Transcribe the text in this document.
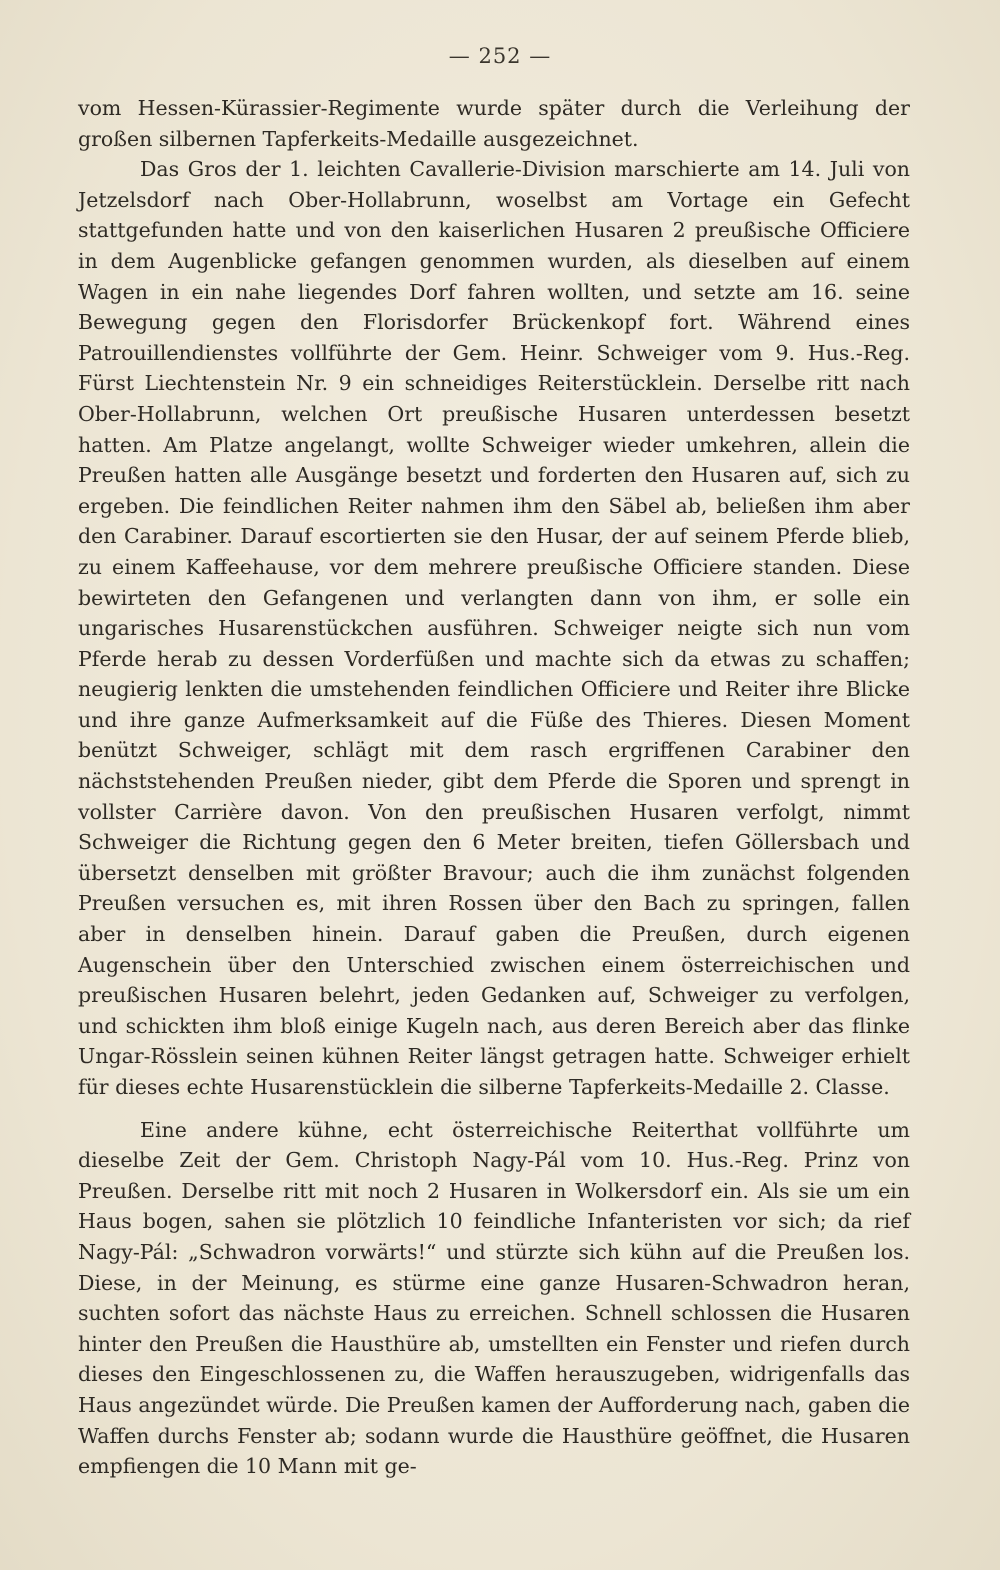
— 252 —

vom Hessen-Kürassier-Regimente wurde später durch die Verleihung der großen silbernen Tapferkeits-Medaille ausgezeichnet.

Das Gros der 1. leichten Cavallerie-Division marschierte am 14. Juli von Jetzelsdorf nach Ober-Hollabrunn, woselbst am Vortage ein Gefecht stattgefunden hatte und von den kaiserlichen Husaren 2 preußische Officiere in dem Augenblicke gefangen genommen wurden, als dieselben auf einem Wagen in ein nahe liegendes Dorf fahren wollten, und setzte am 16. seine Bewegung gegen den Florisdorfer Brückenkopf fort. Während eines Patrouillendienstes vollführte der Gem. Heinr. Schweiger vom 9. Hus.-Reg. Fürst Liechtenstein Nr. 9 ein schneidiges Reiterstücklein. Derselbe ritt nach Ober-Hollabrunn, welchen Ort preußische Husaren unterdessen besetzt hatten. Am Platze angelangt, wollte Schweiger wieder umkehren, allein die Preußen hatten alle Ausgänge besetzt und forderten den Husaren auf, sich zu ergeben. Die feindlichen Reiter nahmen ihm den Säbel ab, beließen ihm aber den Carabiner. Darauf escortierten sie den Husar, der auf seinem Pferde blieb, zu einem Kaffeehause, vor dem mehrere preußische Officiere standen. Diese bewirteten den Gefangenen und verlangten dann von ihm, er solle ein ungarisches Husarenstückchen ausführen. Schweiger neigte sich nun vom Pferde herab zu dessen Vorderfüßen und machte sich da etwas zu schaffen; neugierig lenkten die umstehenden feindlichen Officiere und Reiter ihre Blicke und ihre ganze Aufmerksamkeit auf die Füße des Thieres. Diesen Moment benützt Schweiger, schlägt mit dem rasch ergriffenen Carabiner den nächststehenden Preußen nieder, gibt dem Pferde die Sporen und sprengt in vollster Carrière davon. Von den preußischen Husaren verfolgt, nimmt Schweiger die Richtung gegen den 6 Meter breiten, tiefen Göllersbach und übersetzt denselben mit größter Bravour; auch die ihm zunächst folgenden Preußen versuchen es, mit ihren Rossen über den Bach zu springen, fallen aber in denselben hinein. Darauf gaben die Preußen, durch eigenen Augenschein über den Unterschied zwischen einem österreichischen und preußischen Husaren belehrt, jeden Gedanken auf, Schweiger zu verfolgen, und schickten ihm bloß einige Kugeln nach, aus deren Bereich aber das flinke Ungar-Rösslein seinen kühnen Reiter längst getragen hatte. Schweiger erhielt für dieses echte Husarenstücklein die silberne Tapferkeits-Medaille 2. Classe.

Eine andere kühne, echt österreichische Reiterthat vollführte um dieselbe Zeit der Gem. Christoph Nagy-Pál vom 10. Hus.-Reg. Prinz von Preußen. Derselbe ritt mit noch 2 Husaren in Wolkersdorf ein. Als sie um ein Haus bogen, sahen sie plötzlich 10 feindliche Infanteristen vor sich; da rief Nagy-Pál: „Schwadron vorwärts!“ und stürzte sich kühn auf die Preußen los. Diese, in der Meinung, es stürme eine ganze Husaren-Schwadron heran, suchten sofort das nächste Haus zu erreichen. Schnell schlossen die Husaren hinter den Preußen die Hausthüre ab, umstellten ein Fenster und riefen durch dieses den Eingeschlossenen zu, die Waffen herauszugeben, widrigenfalls das Haus angezündet würde. Die Preußen kamen der Aufforderung nach, gaben die Waffen durchs Fenster ab; sodann wurde die Hausthüre geöffnet, die Husaren empfiengen die 10 Mann mit ge-
